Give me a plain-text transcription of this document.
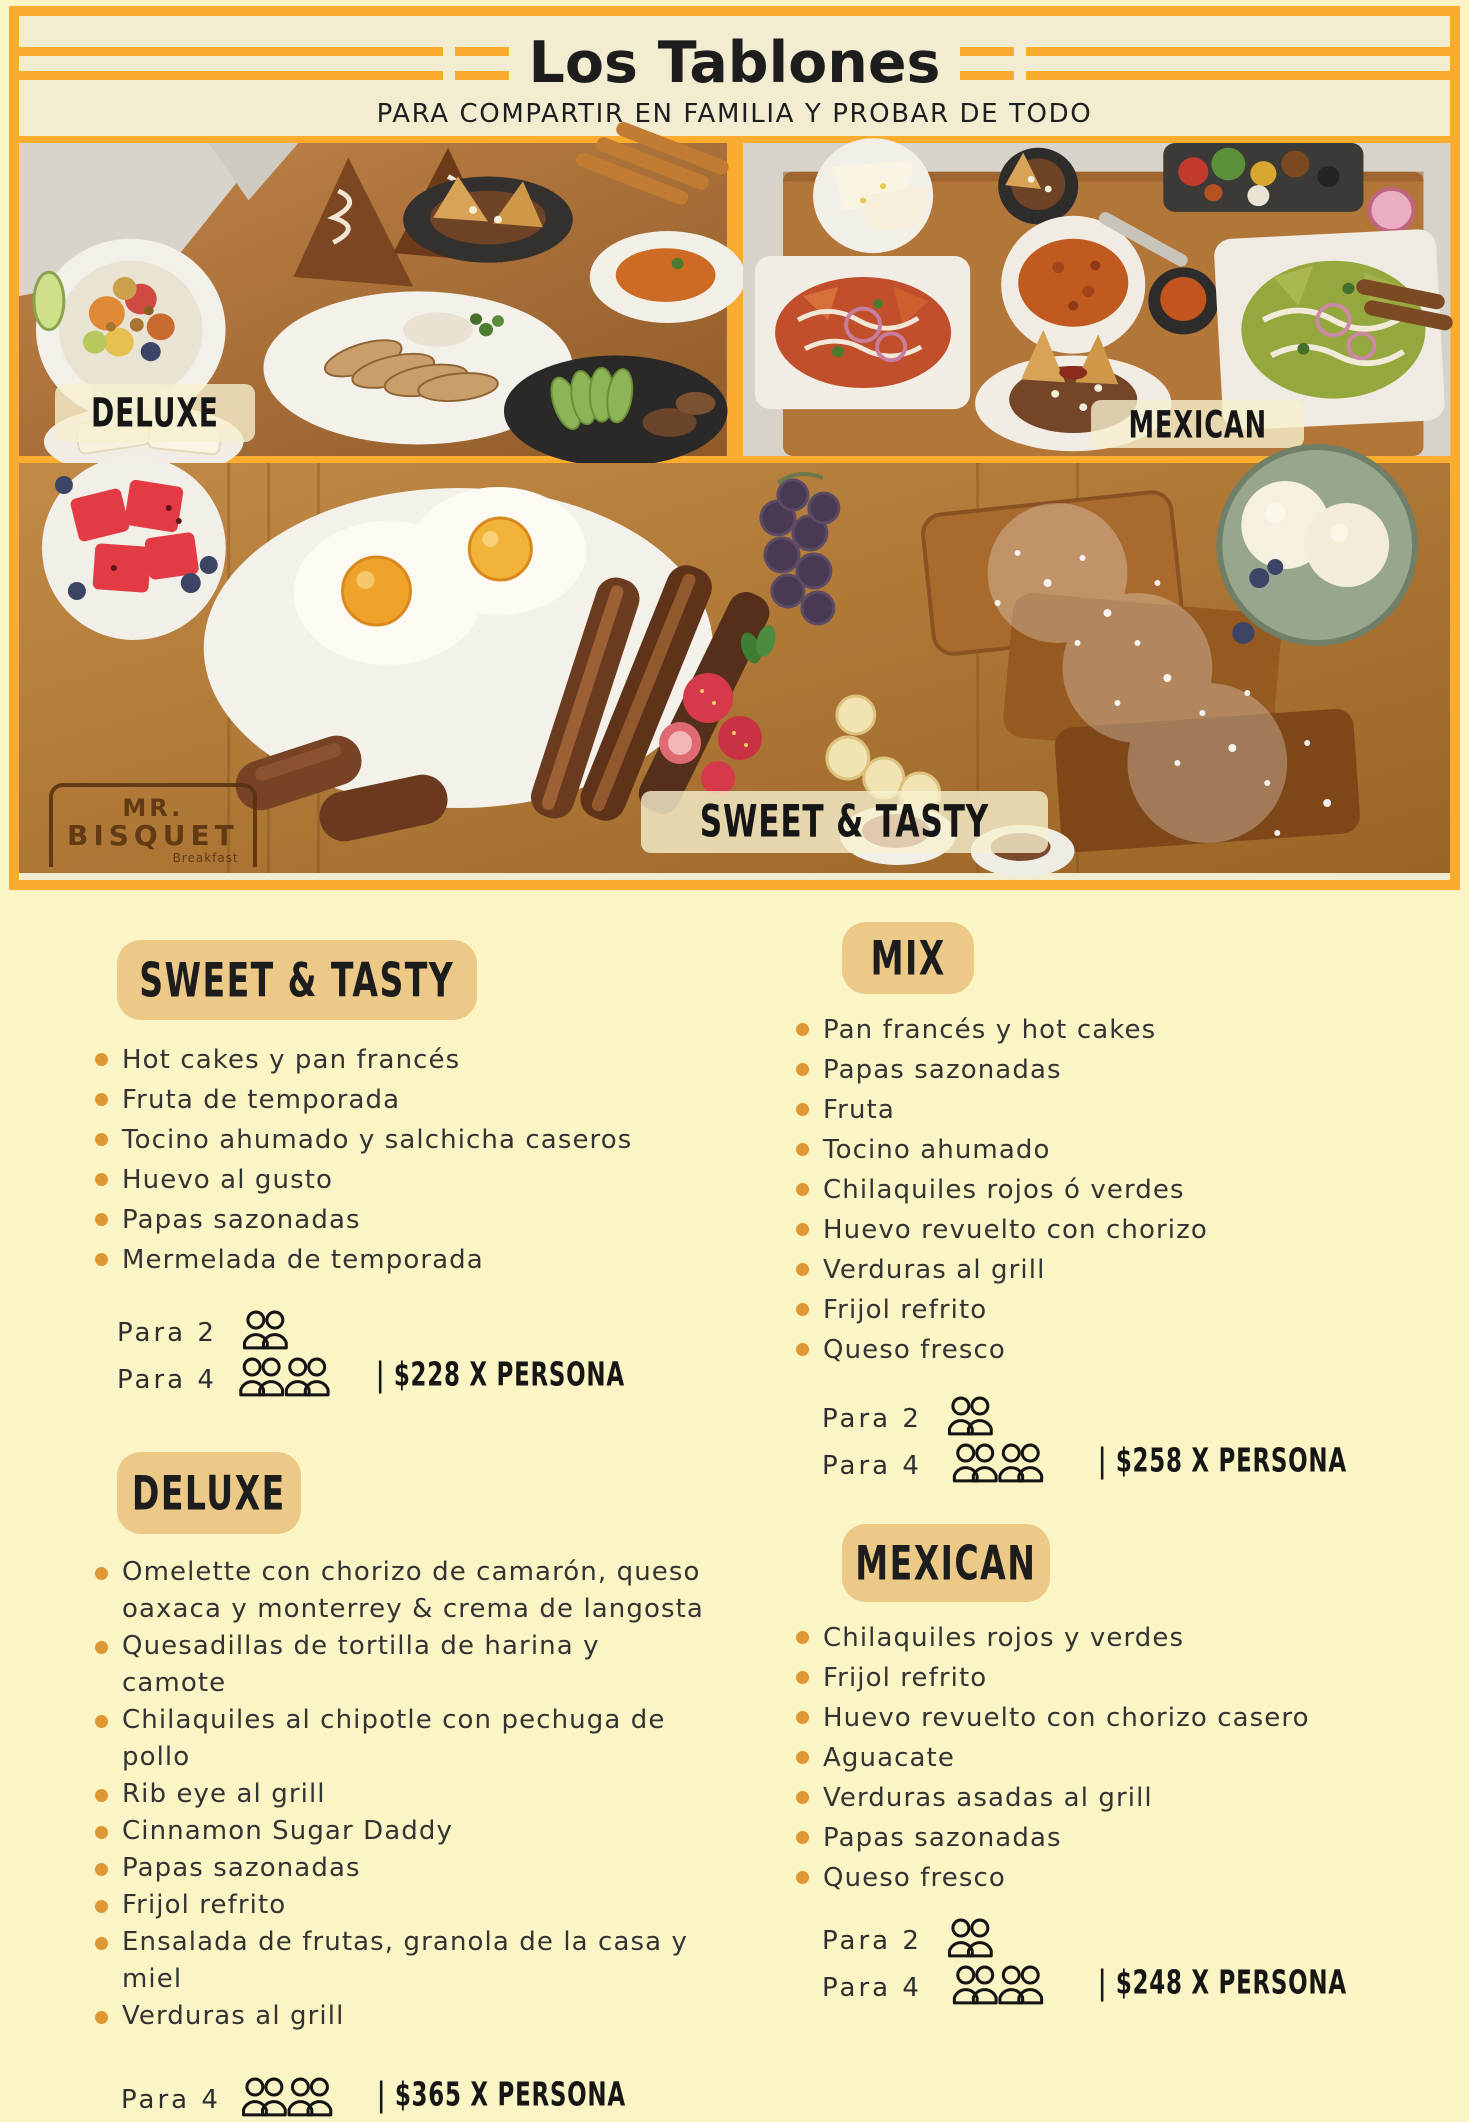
Los Tablones
PARA COMPARTIR EN FAMILIA Y PROBAR DE TODO
DELUXE	MEXICAN
MR.
BISQUET
Breakfast
SWEET & TASTY
SWEET & TASTY
Hot cakes y pan francés
Fruta de temporada
Tocino ahumado y salchicha caseros
Huevo al gusto
Papas sazonadas
Mermelada de temporada
Para 2
Para 4	| $228 X PERSONA
DELUXE
Omelette con chorizo de camarón, queso oaxaca y monterrey & crema de langosta
Quesadillas de tortilla de harina y camote
Chilaquiles al chipotle con pechuga de pollo
Rib eye al grill
Cinnamon Sugar Daddy
Papas sazonadas
Frijol refrito
Ensalada de frutas, granola de la casa y miel
Verduras al grill
Para 4	| $365 X PERSONA
MIX
Pan francés y hot cakes
Papas sazonadas
Fruta
Tocino ahumado
Chilaquiles rojos ó verdes
Huevo revuelto con chorizo
Verduras al grill
Frijol refrito
Queso fresco
Para 2
Para 4	| $258 X PERSONA
MEXICAN
Chilaquiles rojos y verdes
Frijol refrito
Huevo revuelto con chorizo casero
Aguacate
Verduras asadas al grill
Papas sazonadas
Queso fresco
Para 2
Para 4	| $248 X PERSONA
